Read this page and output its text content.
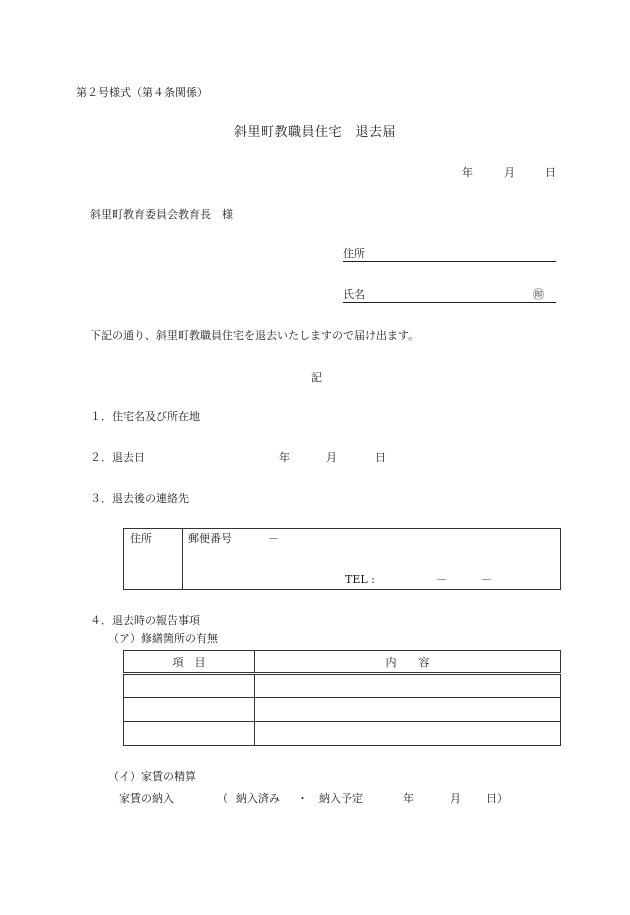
第２号様式（第４条関係）
斜里町教職員住宅　退去届
年	月	日
斜里町教育委員会教育長　様
住所
氏名	㊞
下記の通り、斜里町教職員住宅を退去いたしますので届け出ます。
記
１．住宅名及び所在地
２．退去日	年	月	日
３．退去後の連絡先

住所	郵便番号	－
TEL :	－	－
４．退去時の報告事項
（ア）修繕箇所の有無
項　目	内　　容

（イ）家賃の精算
家賃の納入	（ 納入済み ・ 納入予定	年	月 日）
